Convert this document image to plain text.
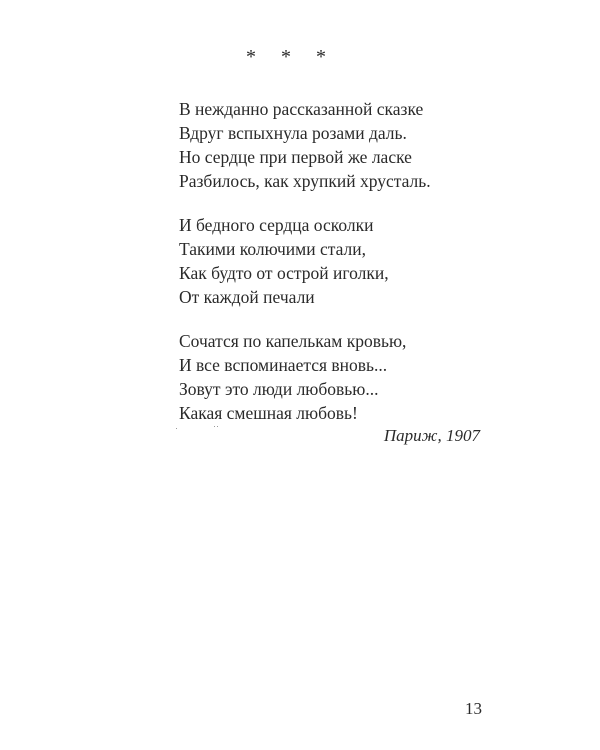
* * *
В нежданно рассказанной сказке
Вдруг вспыхнула розами даль.
Но сердце при первой же ласке
Разбилось, как хрупкий хрусталь.
И бедного сердца осколки
Такими колючими стали,
Как будто от острой иголки,
От каждой печали
Сочатся по капелькам кровью,
И все вспоминается вновь...
Зовут это люди любовью...
Какая смешная любовь!
Париж, 1907
13
